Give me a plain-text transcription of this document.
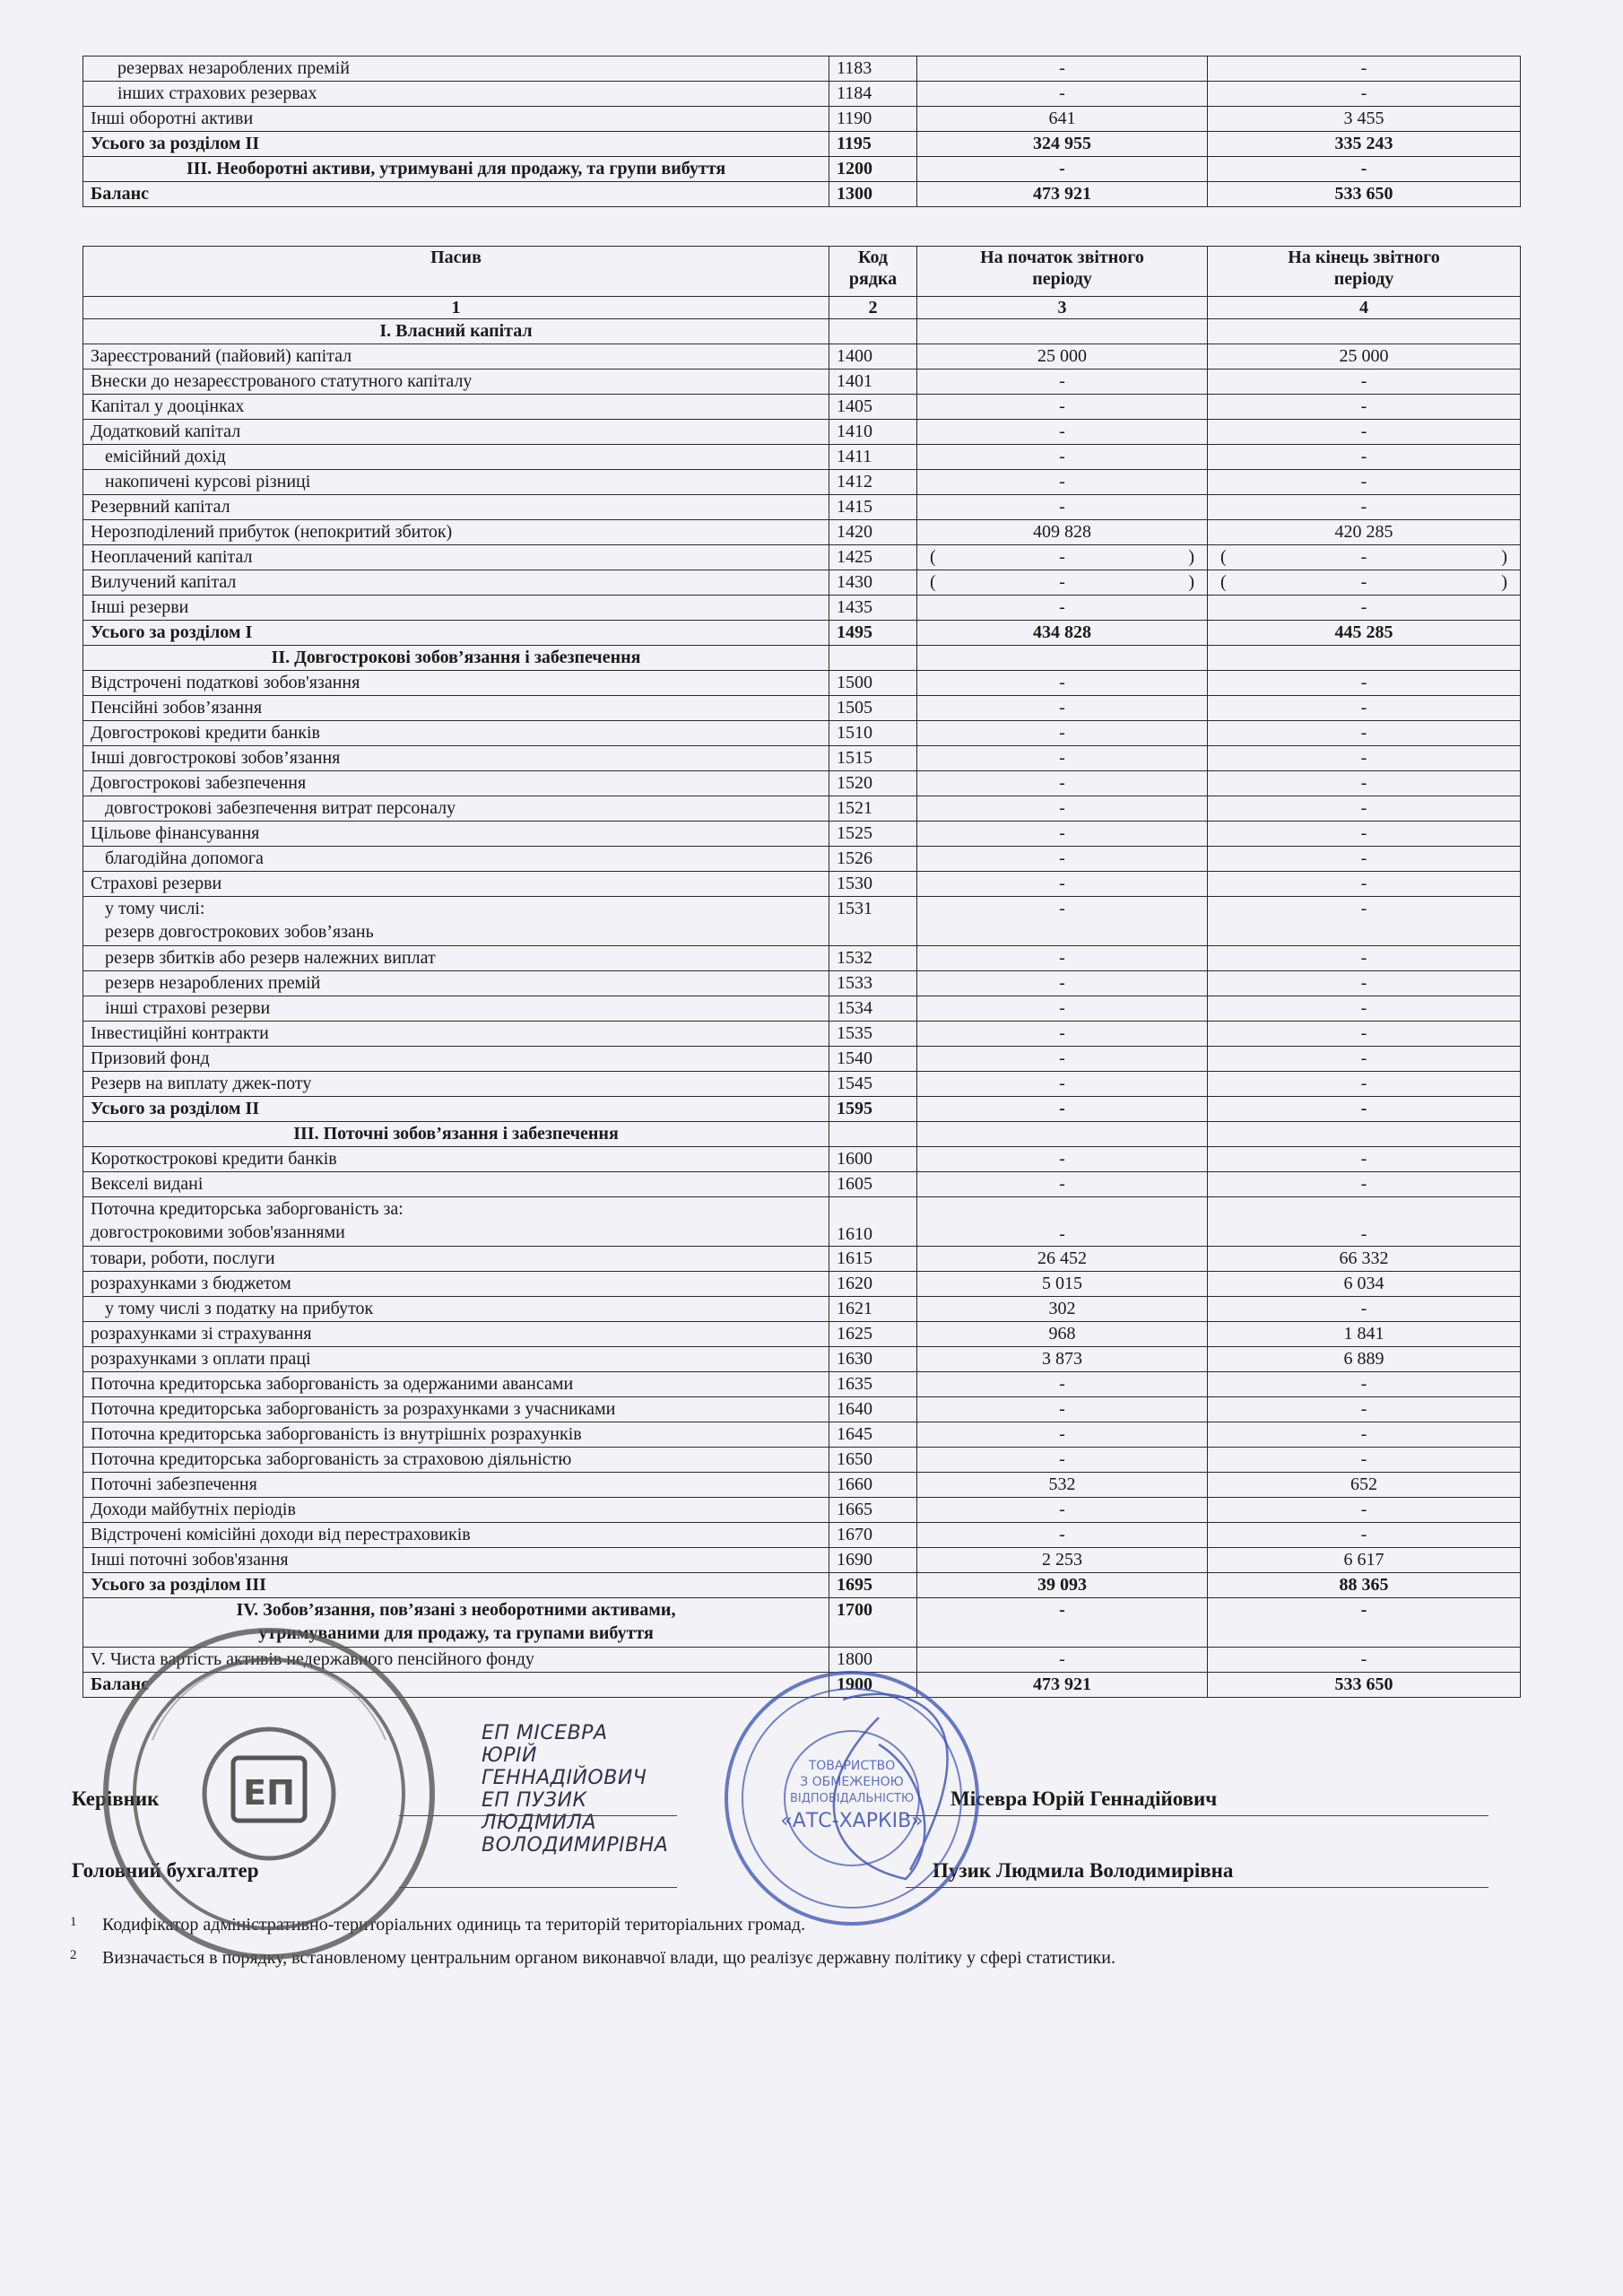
резервах незароблених премій	1183	-	-
інших страхових резервах	1184	-	-
Інші оборотні активи	1190	641	3 455
Усього за розділом II	1195	324 955	335 243
III. Необоротні активи, утримувані для продажу, та групи вибуття	1200	-	-
Баланс	1300	473 921	533 650
Пасив	Код рядка	На початок звітного періоду	На кінець звітного періоду
1	2	3	4
I. Власний капітал			

Зареєстрований (пайовий) капітал	1400	25 000	25 000

Внески до незареєстрованого статутного капіталу	1401	-	-

Капітал у дооцінках	1405	-	-

Додатковий капітал	1410	-	-

емісійний дохід	1411	-	-

накопичені курсові різниці	1412	-	-

Резервний капітал	1415	-	-

Нерозподілений прибуток (непокритий збиток)	1420	409 828	420 285

Неоплачений капітал	1425	( - )	( - )

Вилучений капітал	1430	( - )	( - )

Інші резерви	1435	-	-

Усього за розділом I	1495	434 828	445 285
II. Довгострокові зобов’язання і забезпечення			

Відстрочені податкові зобов'язання	1500	-	-

Пенсійні зобов’язання	1505	-	-

Довгострокові кредити банків	1510	-	-

Інші довгострокові зобов’язання	1515	-	-

Довгострокові забезпечення	1520	-	-

довгострокові забезпечення витрат персоналу	1521	-	-

Цільове фінансування	1525	-	-

благодійна допомога	1526	-	-

Страхові резерви	1530	-	-

у тому числі:
резерв довгострокових зобов’язань	1531	-	-

резерв збитків або резерв належних виплат	1532	-	-

резерв незароблених премій	1533	-	-

інші страхові резерви	1534	-	-

Інвестиційні контракти	1535	-	-

Призовий фонд	1540	-	-

Резерв на виплату джек-поту	1545	-	-

Усього за розділом II	1595	-	-
III. Поточні зобов’язання і забезпечення			

Короткострокові кредити банків	1600	-	-

Векселі видані	1605	-	-

Поточна кредиторська заборгованість за:
довгостроковими зобов'язаннями	1610	-	-

товари, роботи, послуги	1615	26 452	66 332

розрахунками з бюджетом	1620	5 015	6 034

у тому числі з податку на прибуток	1621	302	-

розрахунками зі страхування	1625	968	1 841

розрахунками з оплати праці	1630	3 873	6 889

Поточна кредиторська заборгованість за одержаними авансами	1635	-	-

Поточна кредиторська заборгованість за розрахунками з учасниками	1640	-	-

Поточна кредиторська заборгованість із внутрішніх розрахунків	1645	-	-

Поточна кредиторська заборгованість за страховою діяльністю	1650	-	-

Поточні забезпечення	1660	532	652

Доходи майбутніх періодів	1665	-	-

Відстрочені комісійні доходи від перестраховиків	1670	-	-

Інші поточні зобов'язання	1690	2 253	6 617

Усього за розділом III	1695	39 093	88 365

IV. Зобов’язання, пов’язані з необоротними активами,
утримуваними для продажу, та групами вибуття	1700	-	-

V. Чиста вартість активів недержавного пенсійного фонду	1800	-	-

Баланс	1900	473 921	533 650
ЕП МІСЕВРА ЮРІЙ ГЕННАДІЙОВИЧ
ЕП ПУЗИК ЛЮДМИЛА ВОЛОДИМИРІВНА
Керівник	Місевра Юрій Геннадійович
Головний бухгалтер	Пузик Людмила Володимирівна
1 Кодифікатор адміністративно-територіальних одиниць та територій територіальних громад.
2 Визначається в порядку, встановленому центральним органом виконавчої влади, що реалізує державну політику у сфері статистики.
ЕП
ТОВАРИСТВО
З ОБМЕЖЕНОЮ
ВІДПОВІДАЛЬНІСТЮ
«АТС-ХАРКІВ»
